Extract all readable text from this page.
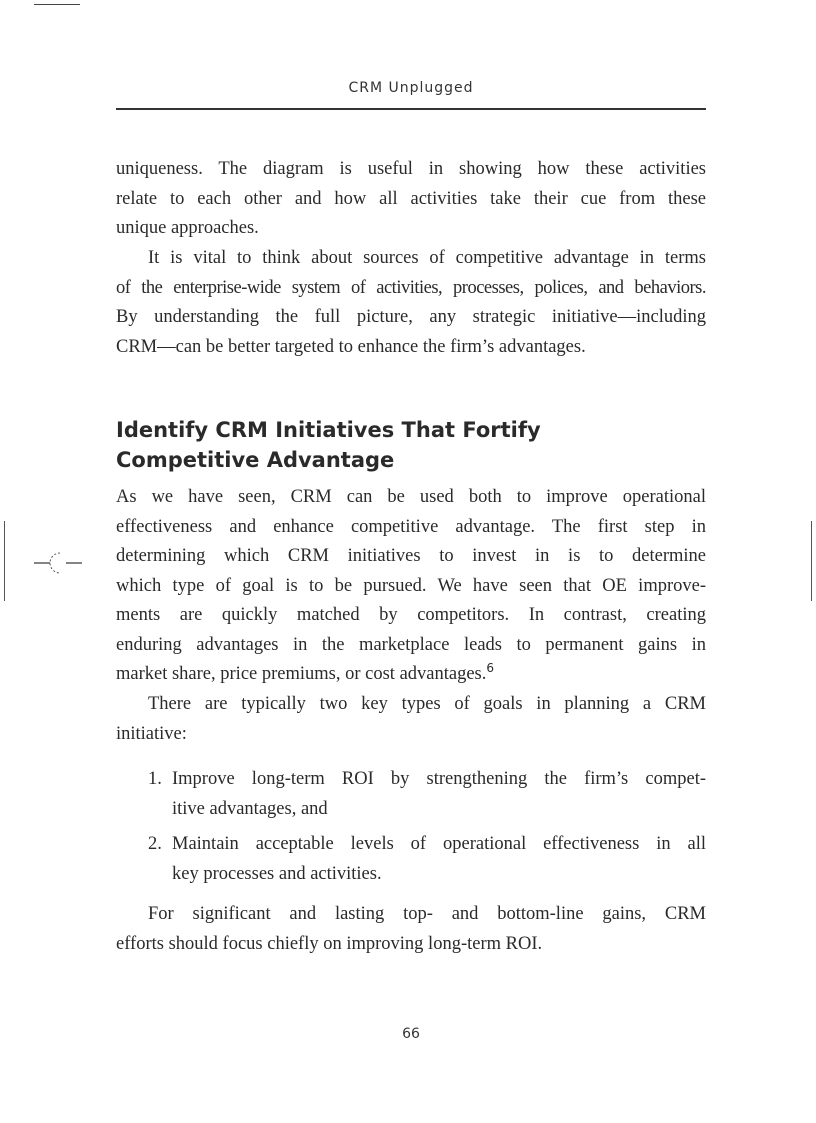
CRM Unplugged

uniqueness. The diagram is useful in showing how these activities
relate to each other and how all activities take their cue from these
unique approaches.

It is vital to think about sources of competitive advantage in terms
of the enterprise-wide system of activities, processes, polices, and behaviors.
By understanding the full picture, any strategic initiative—including
CRM—can be better targeted to enhance the firm’s advantages.

Identify CRM Initiatives That Fortify
Competitive Advantage

As we have seen, CRM can be used both to improve operational
effectiveness and enhance competitive advantage. The first step in
determining which CRM initiatives to invest in is to determine
which type of goal is to be pursued. We have seen that OE improve-
ments are quickly matched by competitors. In contrast, creating
enduring advantages in the marketplace leads to permanent gains in
market share, price premiums, or cost advantages.$^6$

There are typically two key types of goals in planning a CRM
initiative:

1. Improve long-term ROI by strengthening the firm’s compet-
itive advantages, and
2. Maintain acceptable levels of operational effectiveness in all
key processes and activities.

For significant and lasting top- and bottom-line gains, CRM
efforts should focus chiefly on improving long-term ROI.

66
